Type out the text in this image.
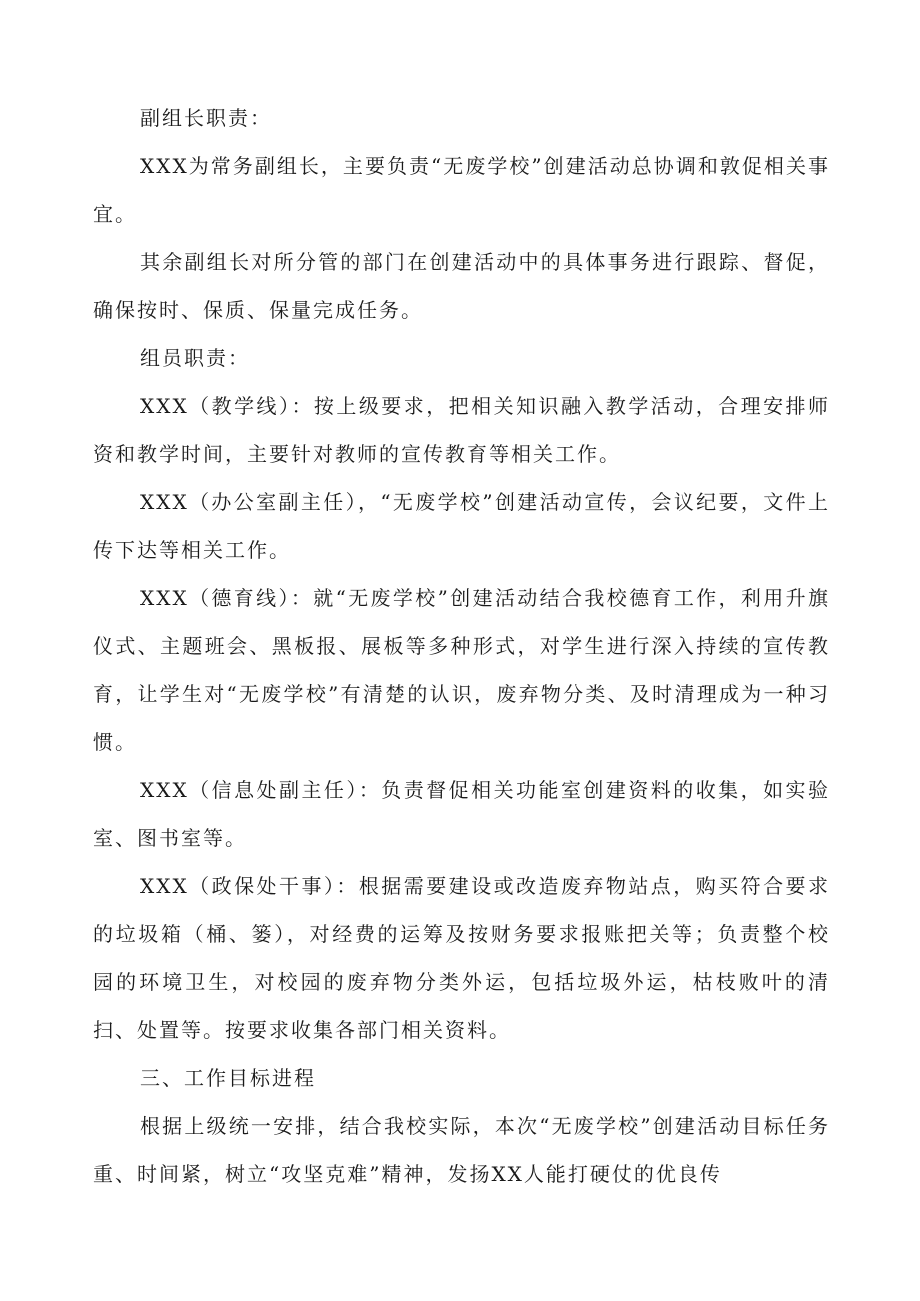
副组长职责：

XXX为常务副组长，主要负责“无废学校”创建活动总协调和敦促相关事宜。

其余副组长对所分管的部门在创建活动中的具体事务进行跟踪、督促，确保按时、保质、保量完成任务。

组员职责：

XXX（教学线）：按上级要求，把相关知识融入教学活动，合理安排师资和教学时间，主要针对教师的宣传教育等相关工作。

XXX（办公室副主任），“无废学校”创建活动宣传，会议纪要，文件上传下达等相关工作。

XXX（德育线）：就“无废学校”创建活动结合我校德育工作，利用升旗仪式、主题班会、黑板报、展板等多种形式，对学生进行深入持续的宣传教育，让学生对“无废学校”有清楚的认识，废弃物分类、及时清理成为一种习惯。

XXX（信息处副主任）：负责督促相关功能室创建资料的收集，如实验室、图书室等。

XXX（政保处干事）：根据需要建设或改造废弃物站点，购买符合要求的垃圾箱（桶、篓），对经费的运筹及按财务要求报账把关等；负责整个校园的环境卫生，对校园的废弃物分类外运，包括垃圾外运，枯枝败叶的清扫、处置等。按要求收集各部门相关资料。

三、工作目标进程

根据上级统一安排，结合我校实际，本次“无废学校”创建活动目标任务重、时间紧，树立“攻坚克难”精神，发扬XX人能打硬仗的优良传
